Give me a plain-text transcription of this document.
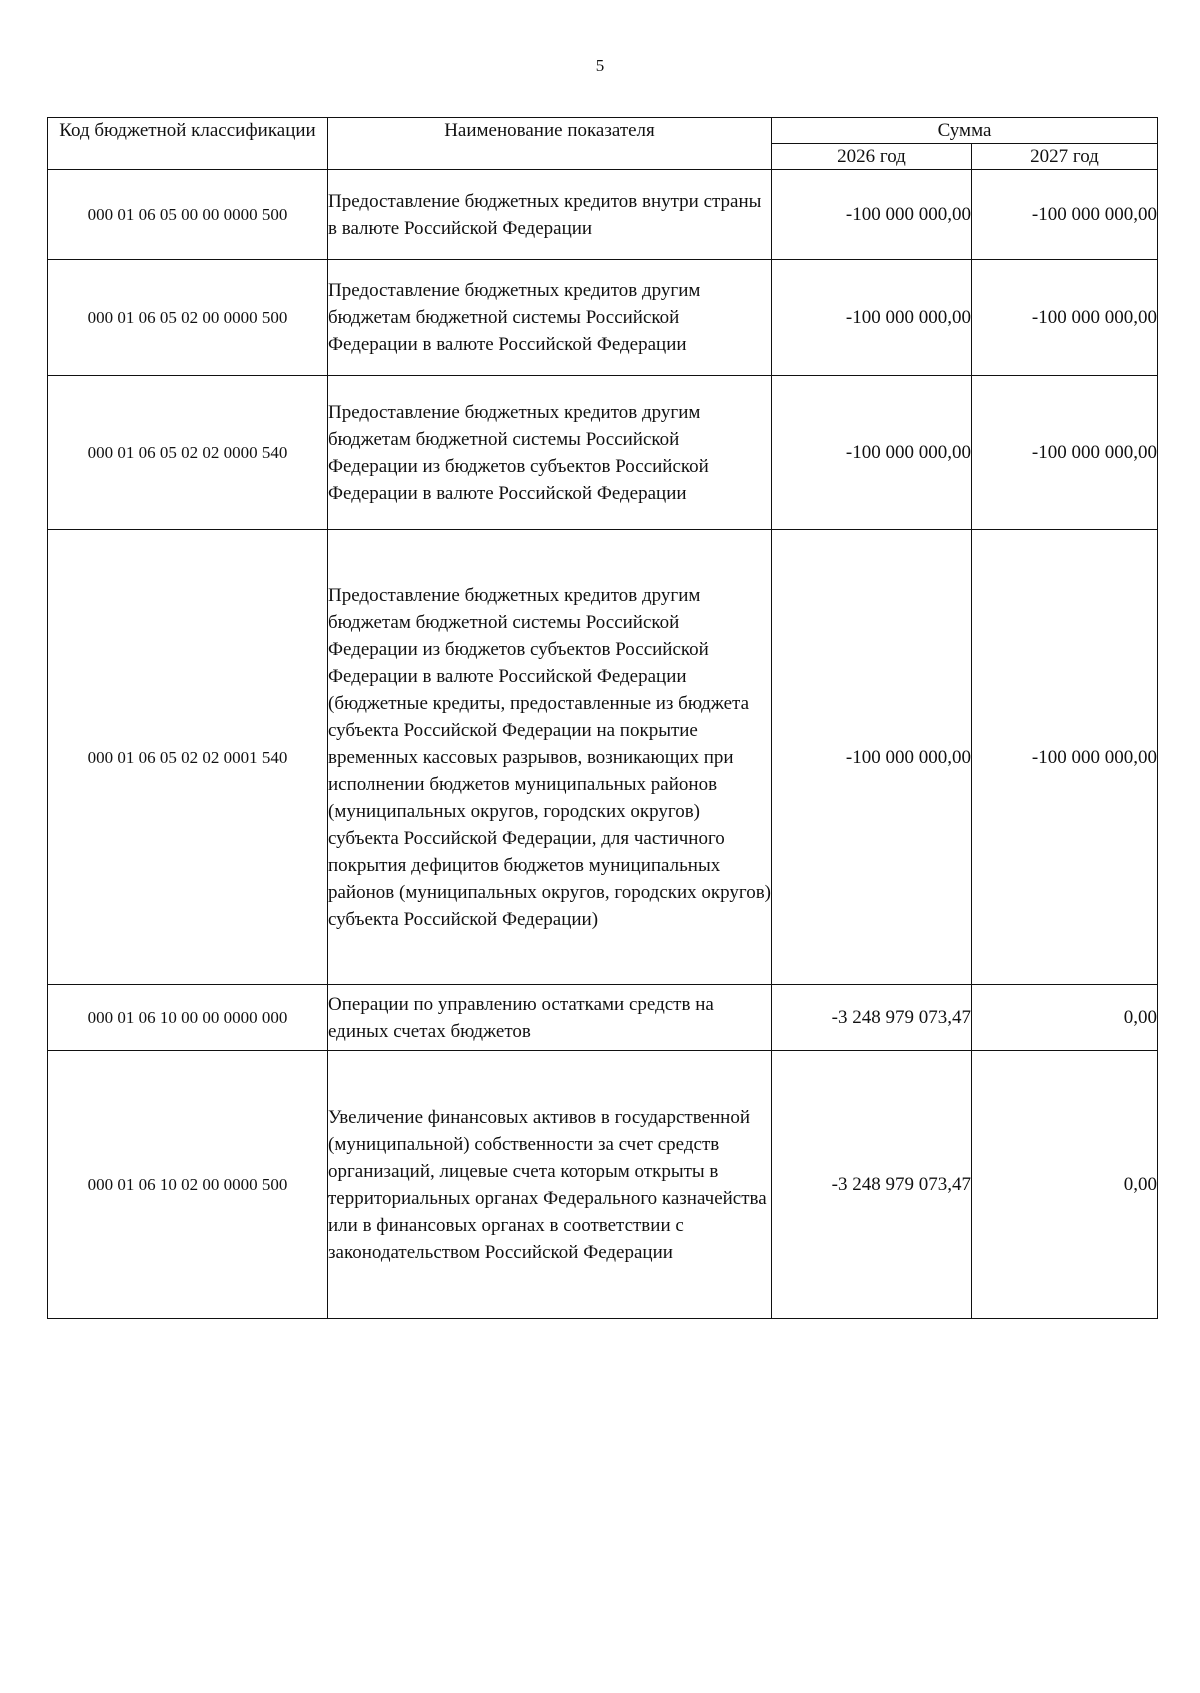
5
Код бюджетной классификации	Наименование показателя	Сумма	
		2026 год	2027 год
000 01 06 05 00 00 0000 500	Предоставление бюджетных кредитов внутри страны в валюте Российской Федерации	-100 000 000,00	-100 000 000,00
000 01 06 05 02 00 0000 500	Предоставление бюджетных кредитов другим бюджетам бюджетной системы Российской Федерации в валюте Российской Федерации	-100 000 000,00	-100 000 000,00
000 01 06 05 02 02 0000 540	Предоставление бюджетных кредитов другим бюджетам бюджетной системы Российской Федерации из бюджетов субъектов Российской Федерации в валюте Российской Федерации	-100 000 000,00	-100 000 000,00
000 01 06 05 02 02 0001 540	Предоставление бюджетных кредитов другим бюджетам бюджетной системы Российской Федерации из бюджетов субъектов Российской Федерации в валюте Российской Федерации (бюджетные кредиты, предоставленные из бюджета субъекта Российской Федерации на покрытие временных кассовых разрывов, возникающих при исполнении бюджетов муниципальных районов (муниципальных округов, городских округов) субъекта Российской Федерации, для частичного покрытия дефицитов бюджетов муниципальных районов (муниципальных округов, городских округов) субъекта Российской Федерации)	-100 000 000,00	-100 000 000,00
000 01 06 10 00 00 0000 000	Операции по управлению остатками средств на единых счетах бюджетов	-3 248 979 073,47	0,00
000 01 06 10 02 00 0000 500	Увеличение финансовых активов в государственной (муниципальной) собственности за счет средств организаций, лицевые счета которым открыты в территориальных органах Федерального казначейства или в финансовых органах в соответствии с законодательством Российской Федерации	-3 248 979 073,47	0,00
